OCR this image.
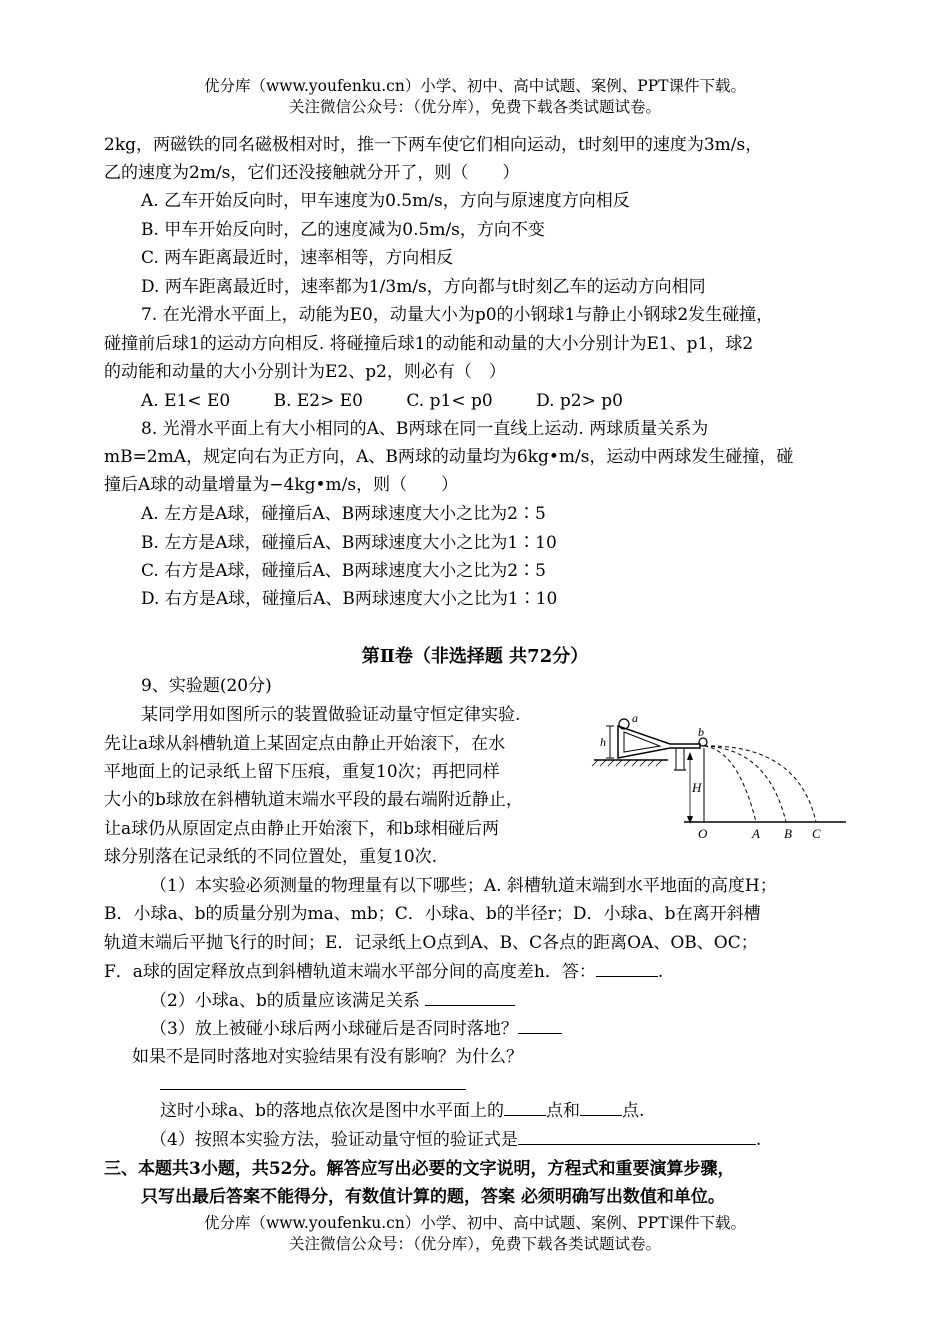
优分库（www.youfenku.cn）小学、初中、高中试题、案例、PPT课件下载。
关注微信公众号：（优分库），免费下载各类试题试卷。
2kg，两磁铁的同名磁极相对时，推一下两车使它们相向运动，t时刻甲的速度为3m/s，
乙的速度为2m/s，它们还没接触就分开了，则（　　）
A. 乙车开始反向时，甲车速度为0.5m/s，方向与原速度方向相反
B. 甲车开始反向时，乙的速度减为0.5m/s，方向不变
C. 两车距离最近时，速率相等，方向相反
D. 两车距离最近时，速率都为1/3m/s，方向都与t时刻乙车的运动方向相同
7. 在光滑水平面上，动能为E0，动量大小为p0的小钢球1与静止小钢球2发生碰撞，
碰撞前后球1的运动方向相反. 将碰撞后球1的动能和动量的大小分别计为E1、p1，球2
的动能和动量的大小分别计为E2、p2，则必有（　）
A. E1< E0	B. E2> E0	C. p1< p0	D. p2> p0
8. 光滑水平面上有大小相同的A、B两球在同一直线上运动. 两球质量关系为
mB=2mA，规定向右为正方向，A、B两球的动量均为6kg•m/s，运动中两球发生碰撞，碰
撞后A球的动量增量为−4kg•m/s，则（　　）
A. 左方是A球，碰撞后A、B两球速度大小之比为2∶5
B. 左方是A球，碰撞后A、B两球速度大小之比为1∶10
C. 右方是A球，碰撞后A、B两球速度大小之比为2∶5
D. 右方是A球，碰撞后A、B两球速度大小之比为1∶10
第Ⅱ卷（非选择题 共72分）
9、实验题(20分)
某同学用如图所示的装置做验证动量守恒定律实验.
先让a球从斜槽轨道上某固定点由静止开始滚下，在水
平地面上的记录纸上留下压痕，重复10次；再把同样
大小的b球放在斜槽轨道末端水平段的最右端附近静止，
让a球仍从原固定点由静止开始滚下，和b球相碰后两
球分别落在记录纸的不同位置处，重复10次.
h
a
b
H
O	A B C
（1）本实验必须测量的物理量有以下哪些；A. 斜槽轨道末端到水平地面的高度H；
B．小球a、b的质量分别为ma、mb；C．小球a、b的半径r；D．小球a、b在离开斜槽
轨道末端后平抛飞行的时间；E．记录纸上O点到A、B、C各点的距离OA、OB、OC；
F．a球的固定释放点到斜槽轨道末端水平部分间的高度差h．答：	.
（2）小球a、b的质量应该满足关系
（3）放上被碰小球后两小球碰后是否同时落地？
如果不是同时落地对实验结果有没有影响？为什么？
这时小球a、b的落地点依次是图中水平面上的 点和 点.
（4）按照本实验方法，验证动量守恒的验证式是	.
三、本题共3小题，共52分。解答应写出必要的文字说明，方程式和重要演算步骤，
只写出最后答案不能得分，有数值计算的题，答案 必须明确写出数值和单位。
优分库（www.youfenku.cn）小学、初中、高中试题、案例、PPT课件下载。
关注微信公众号：（优分库），免费下载各类试题试卷。
